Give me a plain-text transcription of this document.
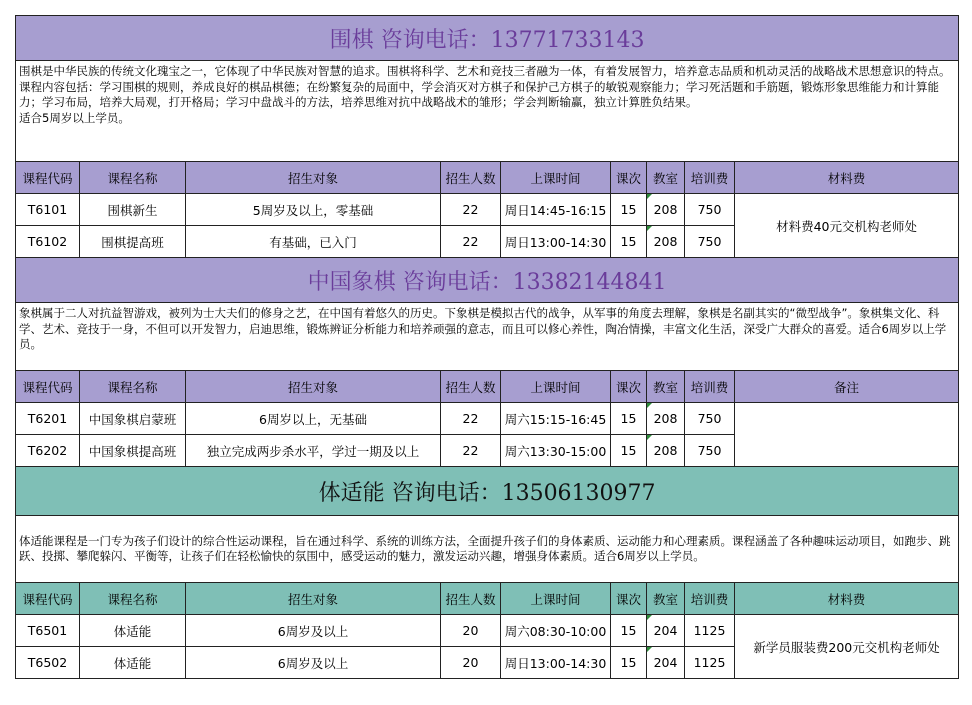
围棋 咨询电话：13771733143								
围棋是中华民族的传统文化瑰宝之一，它体现了中华民族对智慧的追求。围棋将科学、艺术和竞技三者融为一体，有着发展智力，培养意志品质和机动灵活的战略战术思想意识的特点。
课程内容包括：学习围棋的规则，养成良好的棋品棋德；在纷繁复杂的局面中，学会消灭对方棋子和保护己方棋子的敏锐观察能力；学习死活题和手筋题，锻炼形象思维能力和计算能力；学习布局，培养大局观，打开格局；学习中盘战斗的方法，培养思维对抗中战略战术的雏形；学会判断输赢，独立计算胜负结果。
适合5周岁以上学员。								
课程代码	课程名称	招生对象	招生人数	上课时间	课次	教室	培训费	材料费
T6101	围棋新生	5周岁及以上，零基础	22	周日14:45-16:15	15	208	750	材料费40元交机构老师处
T6102	围棋提高班	有基础，已入门	22	周日13:00-14:30	15	208	750	
中国象棋 咨询电话：13382144841								
象棋属于二人对抗益智游戏，被列为士大夫们的修身之艺，在中国有着悠久的历史。下象棋是模拟古代的战争，从军事的角度去理解，象棋是名副其实的“微型战争”。象棋集文化、科学、艺术、竞技于一身，不但可以开发智力，启迪思维，锻炼辨证分析能力和培养顽强的意志，而且可以修心养性，陶冶情操，丰富文化生活，深受广大群众的喜爱。适合6周岁以上学员。								
课程代码	课程名称	招生对象	招生人数	上课时间	课次	教室	培训费	备注
T6201	中国象棋启蒙班	6周岁以上，无基础	22	周六15:15-16:45	15	208	750	
T6202	中国象棋提高班	独立完成两步杀水平，学过一期及以上	22	周六13:30-15:00	15	208	750	
体适能 咨询电话：13506130977								
体适能课程是一门专为孩子们设计的综合性运动课程，旨在通过科学、系统的训练方法，全面提升孩子们的身体素质、运动能力和心理素质。课程涵盖了各种趣味运动项目，如跑步、跳跃、投掷、攀爬躲闪、平衡等，让孩子们在轻松愉快的氛围中，感受运动的魅力，激发运动兴趣，增强身体素质。适合6周岁以上学员。								
课程代码	课程名称	招生对象	招生人数	上课时间	课次	教室	培训费	材料费
T6501	体适能	6周岁及以上	20	周六08:30-10:00	15	204	1125	新学员服装费200元交机构老师处
T6502	体适能	6周岁及以上	20	周日13:00-14:30	15	204	1125	
